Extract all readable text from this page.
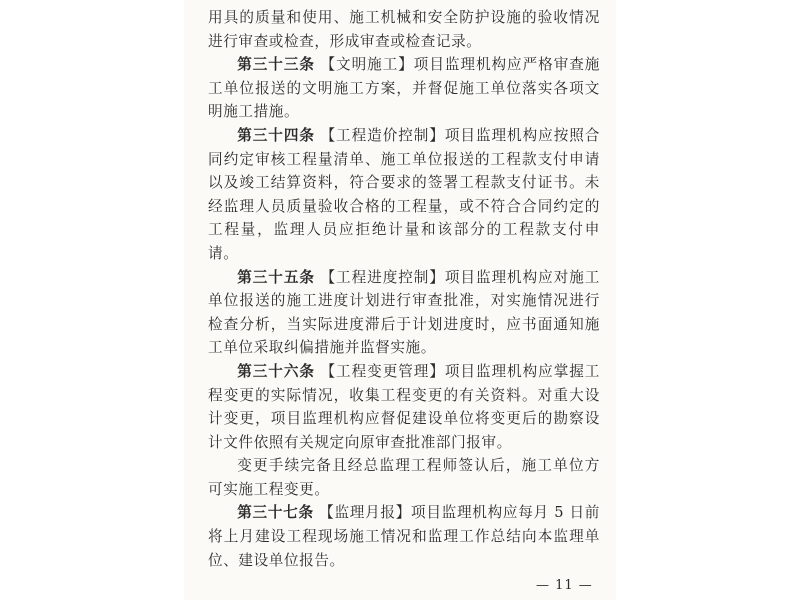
用具的质量和使用、施工机械和安全防护设施的验收情况进行审查或检查，形成审查或检查记录。

第三十三条 【文明施工】项目监理机构应严格审查施工单位报送的文明施工方案，并督促施工单位落实各项文明施工措施。

第三十四条 【工程造价控制】项目监理机构应按照合同约定审核工程量清单、施工单位报送的工程款支付申请以及竣工结算资料，符合要求的签署工程款支付证书。未经监理人员质量验收合格的工程量，或不符合合同约定的工程量，监理人员应拒绝计量和该部分的工程款支付申请。

第三十五条 【工程进度控制】项目监理机构应对施工单位报送的施工进度计划进行审查批准，对实施情况进行检查分析，当实际进度滞后于计划进度时，应书面通知施工单位采取纠偏措施并监督实施。

第三十六条 【工程变更管理】项目监理机构应掌握工程变更的实际情况，收集工程变更的有关资料。对重大设计变更，项目监理机构应督促建设单位将变更后的勘察设计文件依照有关规定向原审查批准部门报审。

变更手续完备且经总监理工程师签认后，施工单位方可实施工程变更。

第三十七条 【监理月报】项目监理机构应每月 5 日前将上月建设工程现场施工情况和监理工作总结向本监理单位、建设单位报告。

— 11 —
